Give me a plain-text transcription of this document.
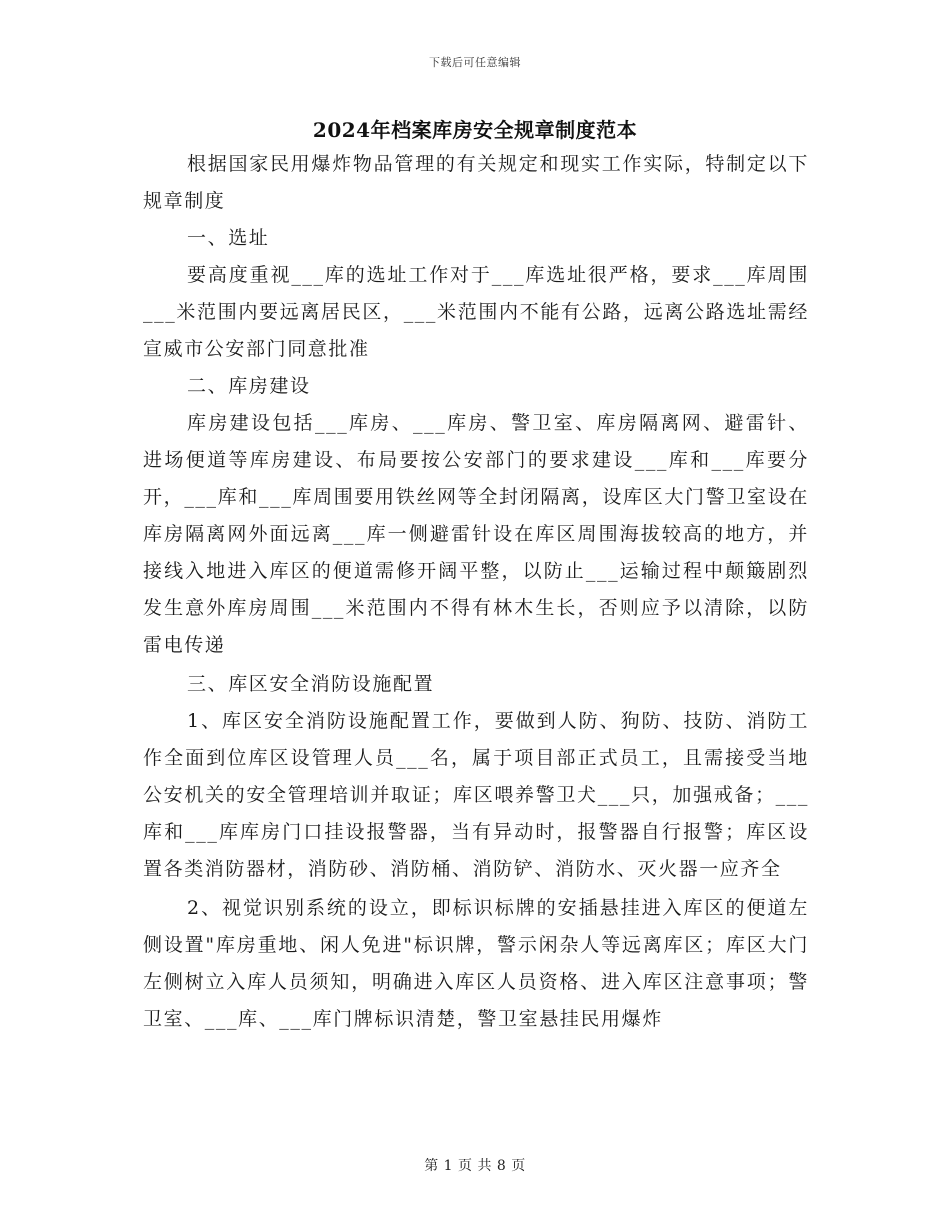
下载后可任意编辑
2024年档案库房安全规章制度范本

根据国家民用爆炸物品管理的有关规定和现实工作实际，特制定以下规章制度

一、选址

要高度重视___库的选址工作对于___库选址很严格，要求___库周围___米范围内要远离居民区，___米范围内不能有公路，远离公路选址需经宣威市公安部门同意批准

二、库房建设

库房建设包括___库房、___库房、警卫室、库房隔离网、避雷针、进场便道等库房建设、布局要按公安部门的要求建设___库和___库要分开，___库和___库周围要用铁丝网等全封闭隔离，设库区大门警卫室设在库房隔离网外面远离___库一侧避雷针设在库区周围海拔较高的地方，并接线入地进入库区的便道需修开阔平整，以防止___运输过程中颠簸剧烈发生意外库房周围___米范围内不得有林木生长，否则应予以清除，以防雷电传递

三、库区安全消防设施配置

1、库区安全消防设施配置工作，要做到人防、狗防、技防、消防工作全面到位库区设管理人员___名，属于项目部正式员工，且需接受当地公安机关的安全管理培训并取证；库区喂养警卫犬___只，加强戒备；___库和___库库房门口挂设报警器，当有异动时，报警器自行报警；库区设置各类消防器材，消防砂、消防桶、消防铲、消防水、灭火器一应齐全

2、视觉识别系统的设立，即标识标牌的安插悬挂进入库区的便道左侧设置"库房重地、闲人免进"标识牌，警示闲杂人等远离库区；库区大门左侧树立入库人员须知，明确进入库区人员资格、进入库区注意事项；警卫室、___库、___库门牌标识清楚，警卫室悬挂民用爆炸

第 1 页 共 8 页
